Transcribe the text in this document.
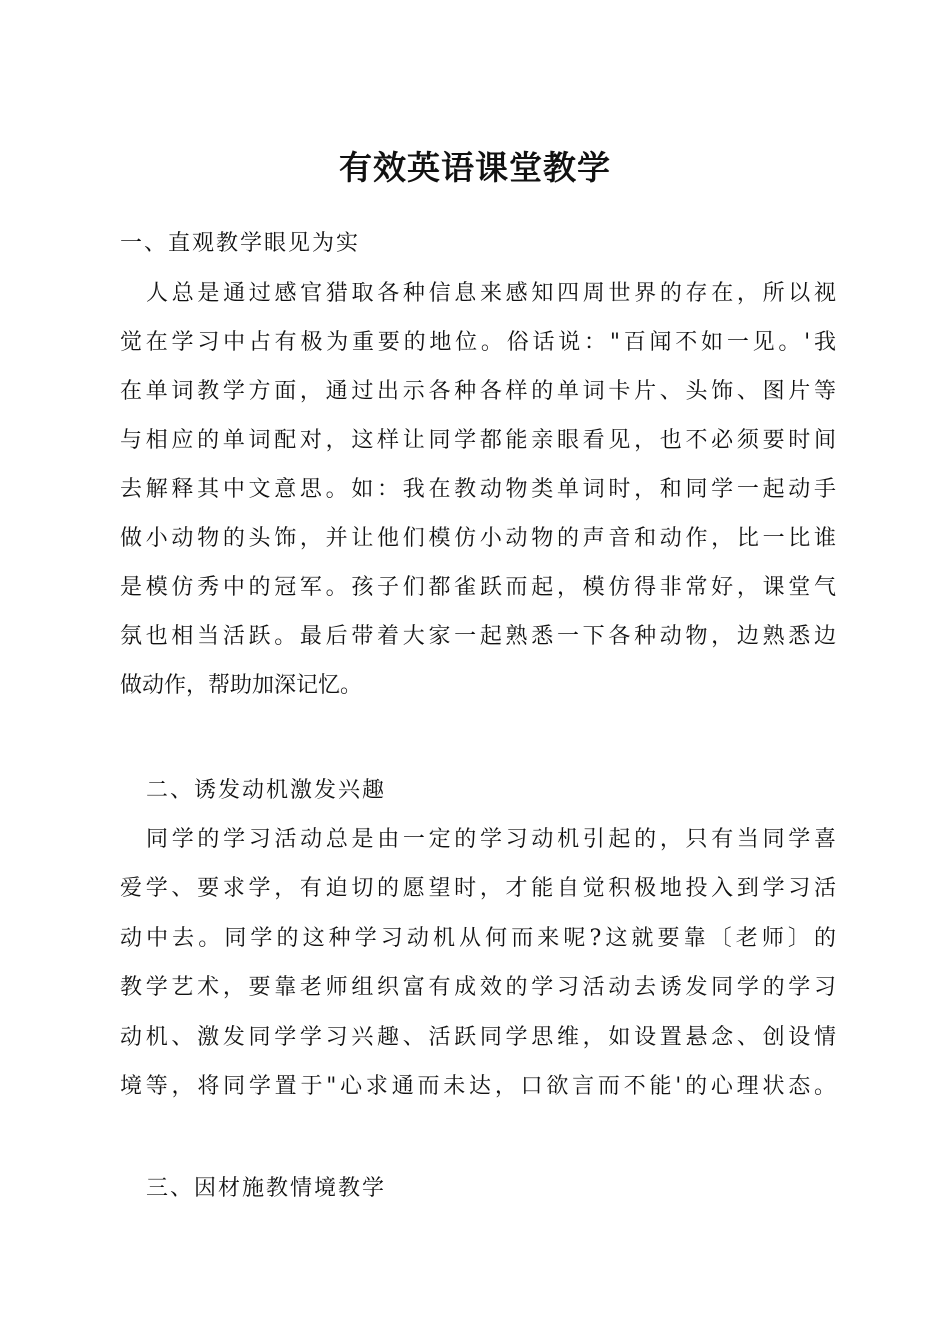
有效英语课堂教学
一、直观教学眼见为实
人总是通过感官猎取各种信息来感知四周世界的存在，所以视
觉在学习中占有极为重要的地位。俗话说："百闻不如一见。'我
在单词教学方面，通过出示各种各样的单词卡片、头饰、图片等
与相应的单词配对，这样让同学都能亲眼看见，也不必须要时间
去解释其中文意思。如：我在教动物类单词时，和同学一起动手
做小动物的头饰，并让他们模仿小动物的声音和动作，比一比谁
是模仿秀中的冠军。孩子们都雀跃而起，模仿得非常好，课堂气
氛也相当活跃。最后带着大家一起熟悉一下各种动物，边熟悉边
做动作，帮助加深记忆。
二、诱发动机激发兴趣
同学的学习活动总是由一定的学习动机引起的，只有当同学喜
爱学、要求学，有迫切的愿望时，才能自觉积极地投入到学习活
动中去。同学的这种学习动机从何而来呢?这就要靠〔老师〕的
教学艺术，要靠老师组织富有成效的学习活动去诱发同学的学习
动机、激发同学学习兴趣、活跃同学思维，如设置悬念、创设情
境等，将同学置于"心求通而未达，口欲言而不能'的心理状态。
三、因材施教情境教学
